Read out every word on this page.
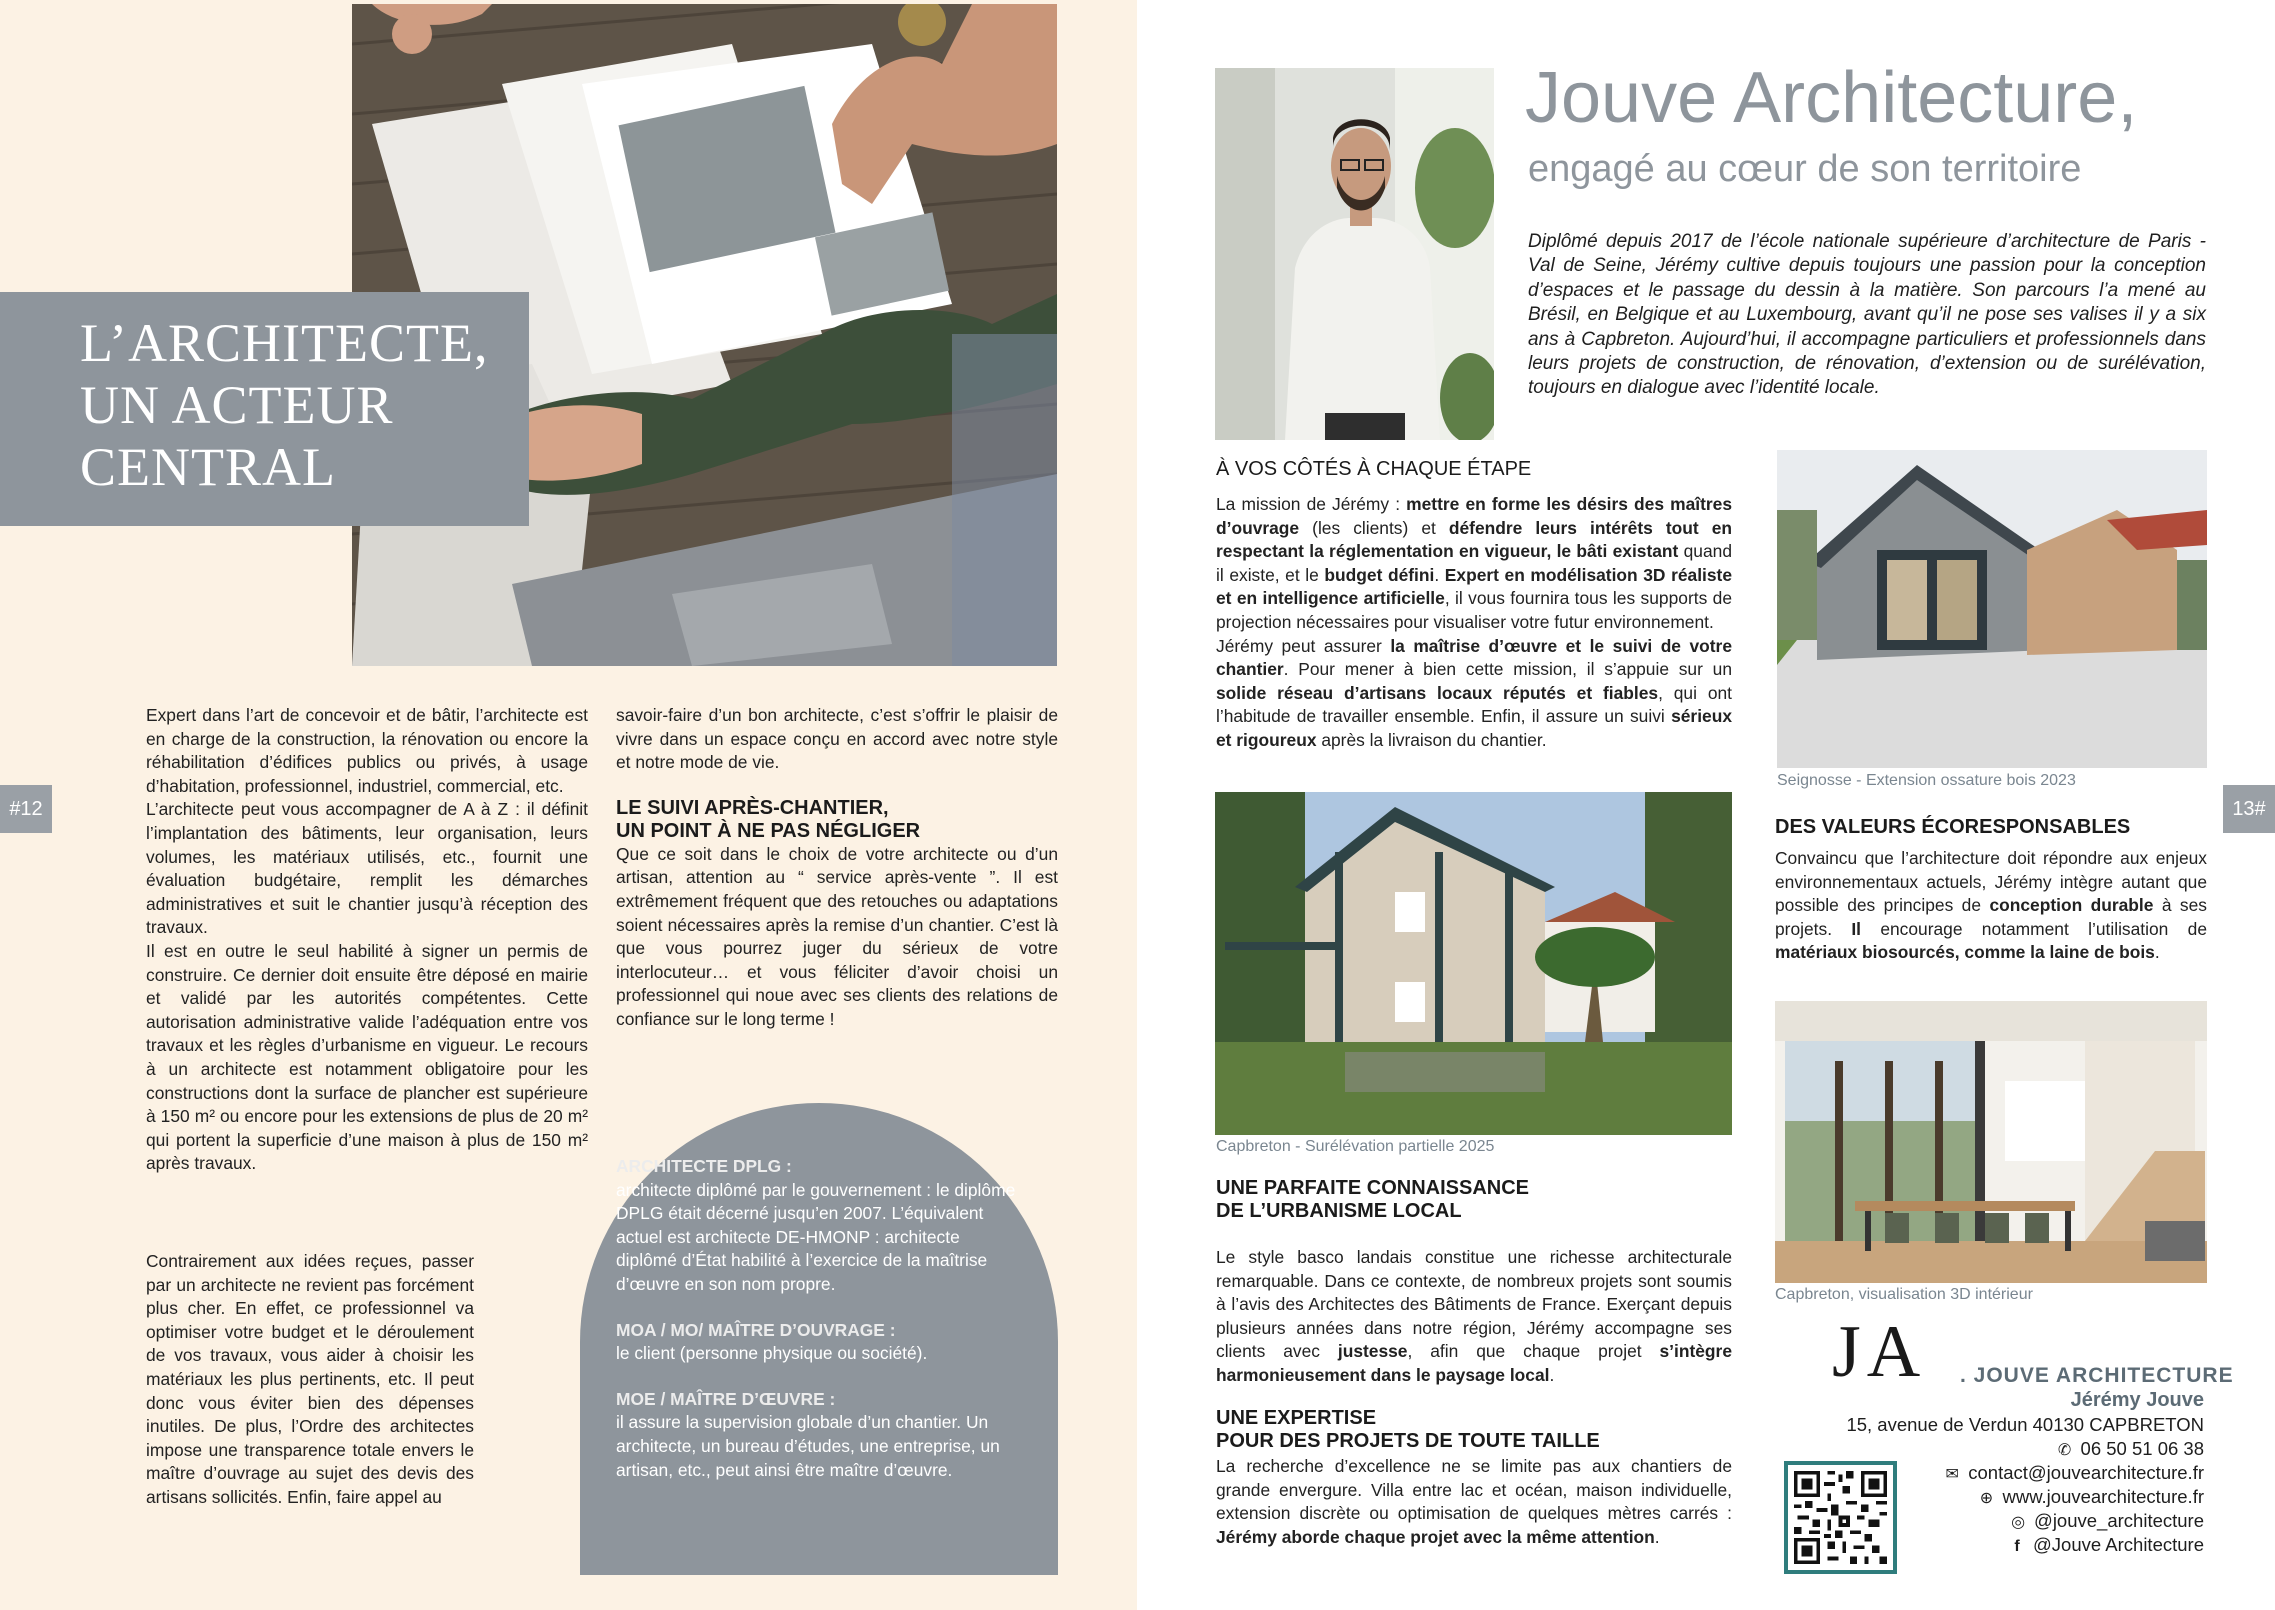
L’ARCHITECTE,
UN ACTEUR
CENTRAL
#12

Expert dans l’art de concevoir et de bâtir, l’architecte est en charge de la construction, la rénovation ou encore la réhabilitation d’édifices publics ou privés, à usage d’habitation, professionnel, industriel, commercial, etc.

L’architecte peut vous accompagner de A à Z : il définit l’implantation des bâtiments, leur organisation, leurs volumes, les matériaux utilisés, etc., fournit une évaluation budgétaire, remplit les démarches administratives et suit le chantier jusqu’à réception des travaux.

Il est en outre le seul habilité à signer un permis de construire. Ce dernier doit ensuite être déposé en mairie et validé par les autorités compétentes. Cette autorisation administrative valide l’adéquation entre vos travaux et les règles d’urbanisme en vigueur. Le recours à un architecte est notamment obligatoire pour les constructions dont la surface de plancher est supérieure à 150 m² ou encore pour les extensions de plus de 20 m² qui portent la superficie d’une maison à plus de 150 m² après travaux.

Contrairement aux idées reçues, passer par un architecte ne revient pas forcément plus cher. En effet, ce professionnel va optimiser votre budget et le déroulement de vos travaux, vous aider à choisir les matériaux les plus pertinents, etc. Il peut donc vous éviter bien des dépenses inutiles. De plus, l’Ordre des architectes impose une transparence totale envers le maître d’ouvrage au sujet des devis des artisans sollicités. Enfin, faire appel au

savoir-faire d’un bon architecte, c’est s’offrir le plaisir de vivre dans un espace conçu en accord avec notre style et notre mode de vie.

LE SUIVI APRÈS-CHANTIER,
UN POINT À NE PAS NÉGLIGER

Que ce soit dans le choix de votre architecte ou d’un artisan, attention au “ service après-vente ”. Il est extrêmement fréquent que des retouches ou adaptations soient nécessaires après la remise d’un chantier. C’est là que vous pourrez juger du sérieux de votre interlocuteur… et vous féliciter d’avoir choisi un professionnel qui noue avec ses clients des relations de confiance sur le long terme !

ARCHITECTE DPLG :
architecte diplômé par le gouvernement : le diplôme DPLG était décerné jusqu’en 2007. L’équivalent actuel est architecte DE-HMONP : architecte diplômé d’État habilité à l’exercice de la maîtrise d’œuvre en son nom propre.

MOA / MO/ MAÎTRE D’OUVRAGE :
le client (personne physique ou société).

MOE / MAÎTRE D’ŒUVRE :
il assure la supervision globale d’un chantier. Un architecte, un bureau d’études, une entreprise, un artisan, etc., peut ainsi être maître d’œuvre.

Jouve Architecture,
engagé au cœur de son territoire
Diplômé depuis 2017 de l’école nationale supérieure d’architecture de Paris - Val de Seine, Jérémy cultive depuis toujours une passion pour la conception d’espaces et le passage du dessin à la matière. Son parcours l’a mené au Brésil, en Belgique et au Luxembourg, avant qu’il ne pose ses valises il y a six ans à Capbreton. Aujourd’hui, il accompagne particuliers et professionnels dans leurs projets de construction, de rénovation, d’extension ou de surélévation, toujours en dialogue avec l’identité locale.
13#
À VOS CÔTÉS À CHAQUE ÉTAPE

La mission de Jérémy : mettre en forme les désirs des maîtres d’ouvrage (les clients) et défendre leurs intérêts tout en respectant la réglementation en vigueur, le bâti existant quand il existe, et le budget défini. Expert en modélisation 3D réaliste et en intelligence artificielle, il vous fournira tous les supports de projection nécessaires pour visualiser votre futur environnement.

Jérémy peut assurer la maîtrise d’œuvre et le suivi de votre chantier. Pour mener à bien cette mission, il s’appuie sur un solide réseau d’artisans locaux réputés et fiables, qui ont l’habitude de travailler ensemble. Enfin, il assure un suivi sérieux et rigoureux après la livraison du chantier.

Seignosse - Extension ossature bois 2023
DES VALEURS ÉCORESPONSABLES

Convaincu que l’architecture doit répondre aux enjeux environnementaux actuels, Jérémy intègre autant que possible des principes de conception durable à ses projets. Il encourage notamment l’utilisation de matériaux biosourcés, comme la laine de bois.

Capbreton - Surélévation partielle 2025
UNE PARFAITE CONNAISSANCE
DE L’URBANISME LOCAL

Le style basco landais constitue une richesse architecturale remarquable. Dans ce contexte, de nombreux projets sont soumis à l’avis des Architectes des Bâtiments de France. Exerçant depuis plusieurs années dans notre région, Jérémy accompagne ses clients avec justesse, afin que chaque projet s’intègre harmonieusement dans le paysage local.

UNE EXPERTISE
POUR DES PROJETS DE TOUTE TAILLE

La recherche d’excellence ne se limite pas aux chantiers de grande envergure. Villa entre lac et océan, maison individuelle, extension discrète ou optimisation de quelques mètres carrés : Jérémy aborde chaque projet avec la même attention.

Capbreton, visualisation 3D intérieur
JA . JOUVE ARCHITECTURE
Jérémy Jouve
15, avenue de Verdun 40130 CAPBRETON
✆ 06 50 51 06 38
✉ contact@jouvearchitecture.fr
⊕ www.jouvearchitecture.fr
◎ @jouve_architecture
f @Jouve Architecture
